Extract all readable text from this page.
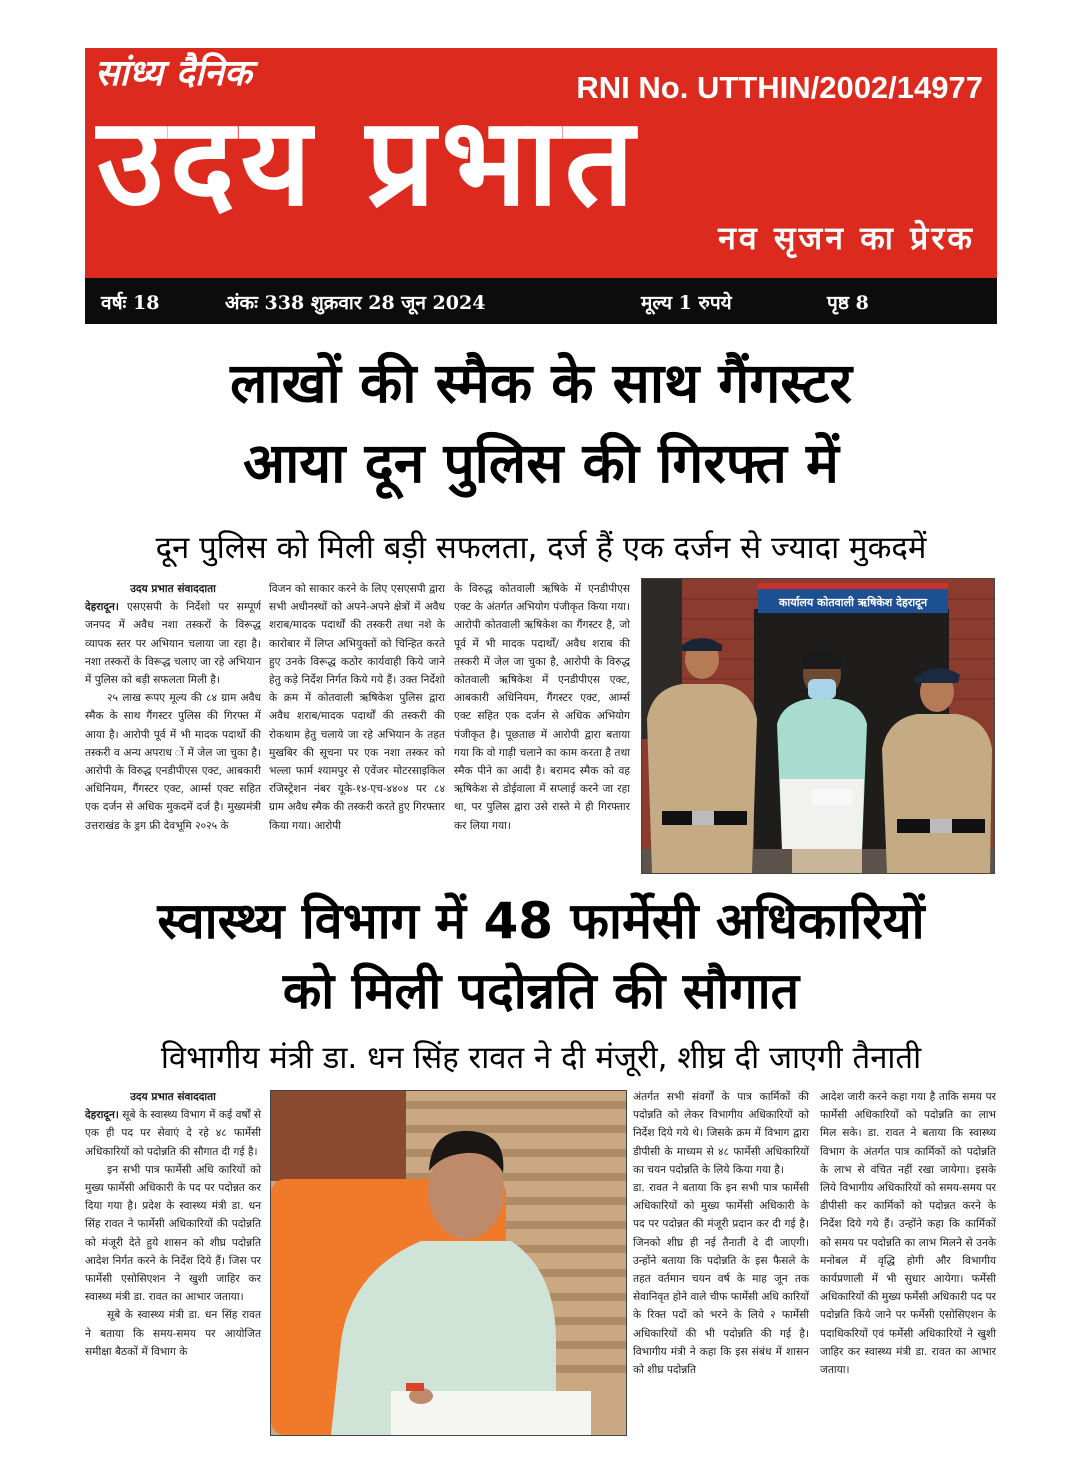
सांध्य दैनिक	RNI No. UTTHIN/2002/14977
उदय प्रभात
नव सृजन का प्रेरक
वर्षः 18	अंकः 338 शुक्रवार 28 जून 2024	मूल्य 1 रुपये	पृष्ठ 8
लाखों की स्मैक के साथ गैंगस्टर
आया दून पुलिस की गिरफ्त में
दून पुलिस को मिली बड़ी सफलता, दर्ज हैं एक दर्जन से ज्यादा मुकदमें

उदय प्रभात संवाददाता

देहरादून। एसएसपी के निर्देशो पर सम्पूर्ण जनपद में अवैध नशा तस्करों के विरूद्ध व्यापक स्तर पर अभियान चलाया जा रहा है। नशा तस्करों के विरूद्ध चलाए जा रहे अभियान में पुलिस को बड़ी सफलता मिली है।

२५ लाख रूपए मूल्य की ८४ ग्राम अवैध स्मैक के साथ गैंगस्टर पुलिस की गिरफ्त में आया है। आरोपी पूर्व में भी मादक पदार्थो की तस्करी व अन्य अपराध ों में जेल जा चुका है। आरोपी के विरुद्ध एनडीपीएस एक्ट, आबकारी अधिनियम, गैंगस्टर एक्ट, आर्म्स एक्ट सहित एक दर्जन से अधिक मुकदमें दर्ज है। मुख्यमंत्री उत्तराखंड के ड्रग फ्री देवभूमि २०२५ के

विजन को साकार करने के लिए एसएसपी द्वारा सभी अधीनस्थों को अपने-अपने क्षेत्रों में अवैध शराब/मादक पदार्थों की तस्करी तथा नशे के कारोबार में लिप्त अभियुक्तों को चिन्हित करते हुए उनके विरूद्ध कठोर कार्यवाही किये जाने हेतु कड़े निर्देश निर्गत किये गये हैं। उक्त निर्देशो के क्रम में कोतवाली ऋषिकेश पुलिस द्वारा अवैध शराब/मादक पदार्थों की तस्करी की रोकथाम हेतु चलाये जा रहे अभियान के तहत मुखबिर की सूचना पर एक नशा तस्कर को भल्ला फार्म श्यामपुर से एवेंजर मोटरसाइकिल रजिस्ट्रेशन नंबर यूके-१४-एच-४४०४ पर ८४ ग्राम अवैध स्मैक की तस्करी करते हुए गिरफ्तार किया गया। आरोपी

के विरुद्ध कोतवाली ऋषिके में एनडीपीएस एक्ट के अंतर्गत अभियोग पंजीकृत किया गया। आरोपी कोतवाली ऋषिकेश का गैंगस्टर है, जो पूर्व में भी मादक पदार्थों/ अवैध शराब की तस्करी में जेल जा चुका है, आरोपी के विरुद्ध कोतवाली ऋषिकेश में एनडीपीएस एक्ट, आबकारी अधिनियम, गैंगस्टर एक्ट, आर्म्स एक्ट सहित एक दर्जन से अधिक अभियोग पंजीकृत है। पूछताछ में आरोपी द्वारा बताया गया कि वो गाड़ी चलाने का काम करता है तथा स्मैक पीने का आदी है। बरामद स्मैक को वह ऋषिकेश से डोईवाला में सप्लाई करने जा रहा था, पर पुलिस द्वारा उसे रास्ते मे ही गिरफ्तार कर लिया गया।

कार्यालय कोतवाली ऋषिकेश देहरादून
स्वास्थ्य विभाग में 48 फार्मेसी अधिकारियों
को मिली पदोन्नति की सौगात
विभागीय मंत्री डा. धन सिंह रावत ने दी मंजूरी, शीघ्र दी जाएगी तैनाती

उदय प्रभात संवाददाता

देहरादून। सूबे के स्वास्थ्य विभाग में कई वर्षों से एक ही पद पर सेवाएं दे रहे ४८ फार्मेसी अधिकारियों को पदोन्नति की सौगात दी गई है।

इन सभी पात्र फार्मेसी अधि कारियों को मुख्य फार्मेसी अधिकारी के पद पर पदोन्नत कर दिया गया है। प्रदेश के स्वास्थ्य मंत्री डा. धन सिंह रावत ने फार्मेसी अधिकारियों की पदोन्नति को मंजूरी देते हुये शासन को शीघ्र पदोन्नति आदेश निर्गत करने के निर्देश दिये हैं। जिस पर फार्मेसी एसोसिएशन ने खुशी जाहिर कर स्वास्थ्य मंत्री डा. रावत का आभार जताया।

सूबे के स्वास्थ्य मंत्री डा. धन सिंह रावत ने बताया कि समय-समय पर आयोजित समीक्षा बैठकों में विभाग के

अंतर्गत सभी संवर्गों के पात्र कार्मिकों की पदोन्नति को लेकर विभागीय अधिकारियों को निर्देश दिये गये थे। जिसके क्रम में विभाग द्वारा डीपीसी के माध्यम से ४८ फार्मेसी अधिकारियों का चयन पदोन्नति के लिये किया गया है।

डा. रावत ने बताया कि इन सभी पात्र फार्मेसी अधिकारियों को मुख्य फार्मेसी अधिकारी के पद पर पदोन्नत की मंजूरी प्रदान कर दी गई है। जिनको शीघ्र ही नई तैनाती दे दी जाएगी। उन्होंने बताया कि पदोन्नति के इस फैसले के तहत वर्तमान चयन वर्ष के माह जून तक सेवानिवृत होने वाले चीफ फार्मेसी अधि कारियों के रिक्त पदों को भरने के लिये २ फार्मेसी अधिकारियों की भी पदोन्नति की गई है। विभागीय मंत्री ने कहा कि इस संबंध में शासन को शीघ्र पदोन्नति

आदेश जारी करने कहा गया है ताकि समय पर फार्मेसी अधिकारियों को पदोन्नति का लाभ मिल सके। डा. रावत ने बताया कि स्वास्थ्य विभाग के अंतर्गत पात्र कार्मिकों को पदोन्नति के लाभ से वंचित नहीं रखा जायेगा। इसके लिये विभागीय अधिकारियों को समय-समय पर डीपीसी कर कार्मिकों को पदोन्नत करने के निर्देश दिये गये हैं। उन्होंने कहा कि कार्मिकों को समय पर पदोन्नति का लाभ मिलने से उनके मनोबल में वृद्धि होगी और विभागीय कार्यप्रणाली में भी सुधार आयेगा। फर्मेसी अधिकारियों की मुख्य फर्मेसी अधिकारी पद पर पदोन्नति किये जाने पर फर्मेसी एसोसिएशन के पदाधिकरियों एवं फर्मेसी अधिकारियों ने खुशी जाहिर कर स्वास्थ्य मंत्री डा. रावत का आभार जताया।
